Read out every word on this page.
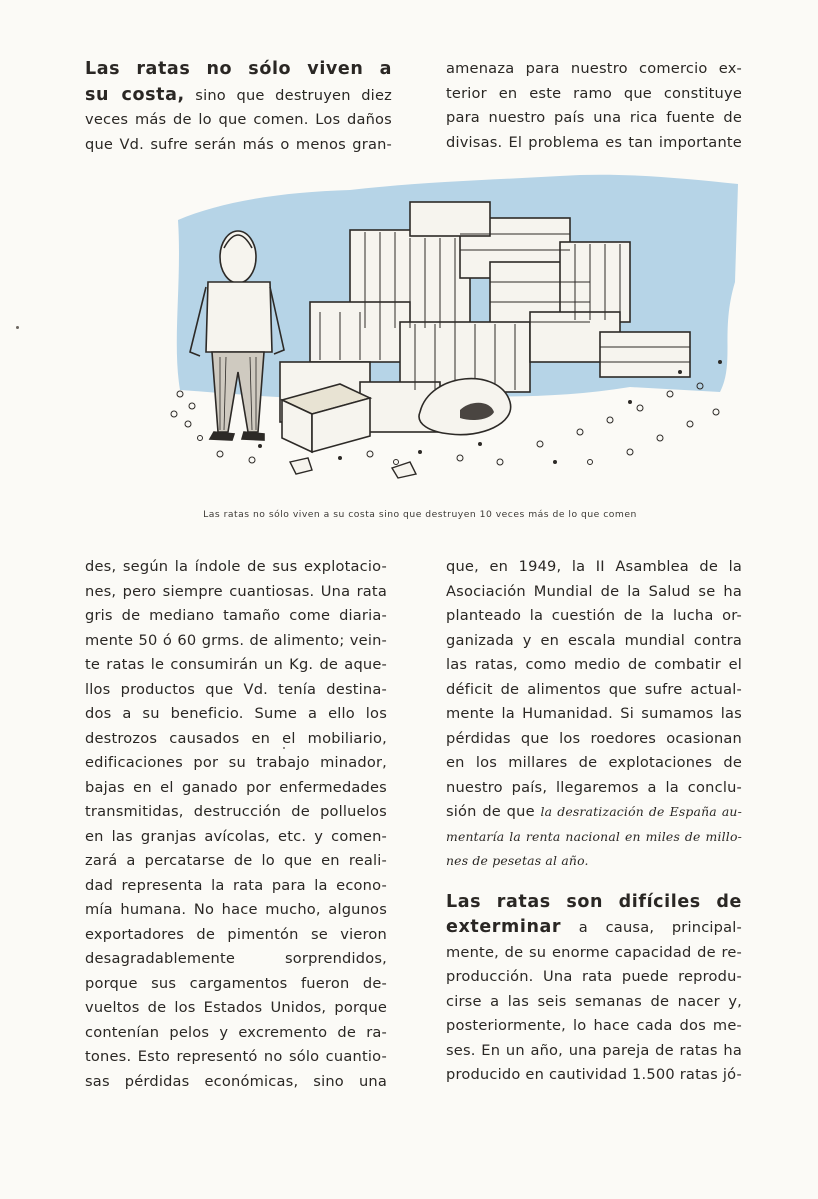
Las ratas no sólo viven a
su costa, sino que destruyen diez
veces más de lo que comen. Los daños
que Vd. sufre serán más o menos gran-
amenaza para nuestro comercio ex-
terior en este ramo que constituye
para nuestro país una rica fuente de
divisas. El problema es tan importante
Las ratas no sólo viven a su costa sino que destruyen 10 veces más de lo que comen
des, según la índole de sus explotacio-
nes, pero siempre cuantiosas. Una rata
gris de mediano tamaño come diaria-
mente 50 ó 60 grms. de alimento; vein-
te ratas le consumirán un Kg. de aque-
llos productos que Vd. tenía destina-
dos a su beneficio. Sume a ello los
destrozos causados en el mobiliario,
edificaciones por su trabajo minador,
bajas en el ganado por enfermedades
transmitidas, destrucción de polluelos
en las granjas avícolas, etc. y comen-
zará a percatarse de lo que en reali-
dad representa la rata para la econo-
mía humana. No hace mucho, algunos
exportadores de pimentón se vieron
desagradablemente sorprendidos,
porque sus cargamentos fueron de-
vueltos de los Estados Unidos, porque
contenían pelos y excremento de ra-
tones. Esto representó no sólo cuantio-
sas pérdidas económicas, sino una
que, en 1949, la II Asamblea de la
Asociación Mundial de la Salud se ha
planteado la cuestión de la lucha or-
ganizada y en escala mundial contra
las ratas, como medio de combatir el
déficit de alimentos que sufre actual-
mente la Humanidad. Si sumamos las
pérdidas que los roedores ocasionan
en los millares de explotaciones de
nuestro país, llegaremos a la conclu-
sión de que la desratización de España au-
mentaría la renta nacional en miles de millo-
nes de pesetas al año.
Las ratas son difíciles de
exterminar a causa, principal-
mente, de su enorme capacidad de re-
producción. Una rata puede reprodu-
cirse a las seis semanas de nacer y,
posteriormente, lo hace cada dos me-
ses. En un año, una pareja de ratas ha
producido en cautividad 1.500 ratas jó-
